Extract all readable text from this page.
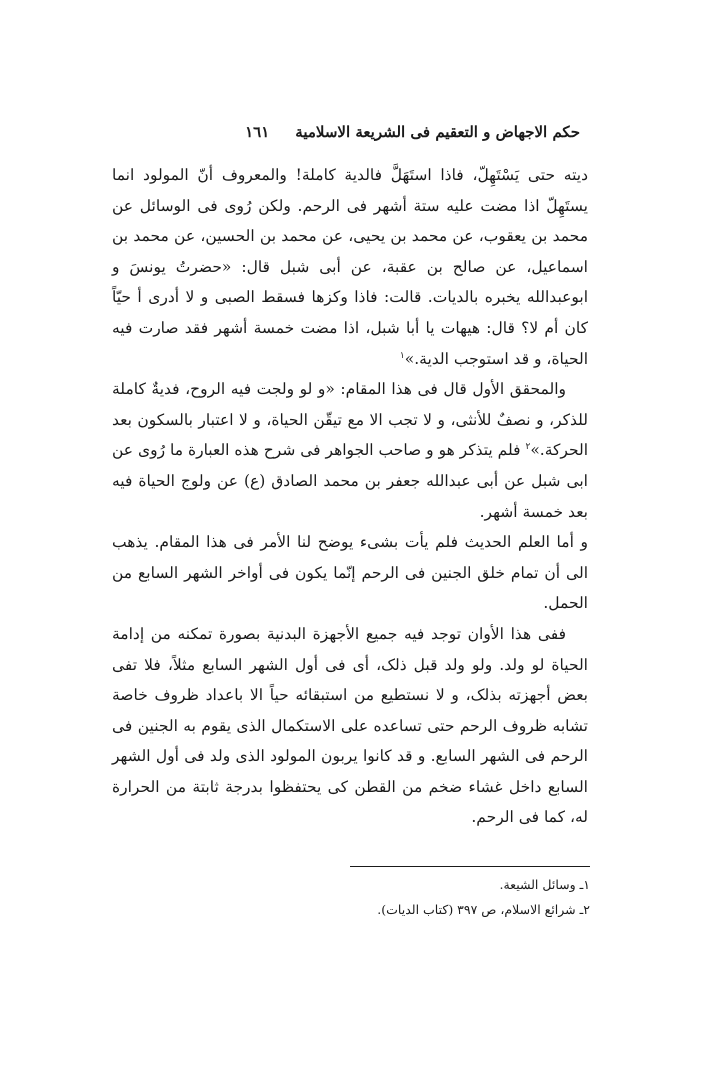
حکم الاجهاض و التعقیم فی الشریعة الاسلامیة
١٦١

دیته حتی یَسْتَهِلّ، فاذا استَهَلَّ فالدیة کاملة! والمعروف أنّ المولود انما یستَهِلّ اذا مضت علیه ستة أشهر فی الرحم. ولکن رُوی فی الوسائل عن محمد بن یعقوب، عن محمد بن یحیی، عن محمد بن الحسین، عن محمد بن اسماعیل، عن صالح بن عقبة، عن أبی شبل قال: «حضرتُ یونسَ و ابوعبدالله یخبره بالدیات. قالت: فاذا وکزها فسقط الصبی و لا أدری أ حیّاً کان أم لا؟ قال: هیهات یا أبا شبل، اذا مضت خمسة أشهر فقد صارت فیه الحیاة، و قد استوجب الدیة.»$^١$

والمحقق الأول قال فی هذا المقام: «و لو ولجت فیه الروح، فدیةٌ کاملة للذکر، و نصفٌ للأنثی، و لا تجب الا مع تیقّن الحیاة، و لا اعتبار بالسکون بعد الحرکة.»$^٢$ فلم یتذکر هو و صاحب الجواهر فی شرح هذه العبارة ما رُوی عن ابی شبل عن أبی عبدالله جعفر بن محمد الصادق (ع) عن ولوج الحیاة فیه بعد خمسة أشهر.

و أما العلم الحدیث فلم یأت بشیء یوضح لنا الأمر فی هذا المقام. یذهب الی أن تمام خلق الجنین فی الرحم إنّما یکون فی أواخر الشهر السابع من الحمل.

ففی هذا الأوان توجد فیه جمیع الأجهزة البدنیة بصورة تمکنه من إدامة الحیاة لو ولد. ولو ولد قبل ذلک، أی فی أول الشهر السابع مثلاً، فلا تفی بعض أجهزته بذلک، و لا نستطیع من استبقائه حیاً الا باعداد ظروف خاصة تشابه ظروف الرحم حتی تساعده علی الاستکمال الذی یقوم به الجنین فی الرحم فی الشهر السابع. و قد کانوا یربون المولود الذی ولد فی أول الشهر السابع داخل غشاء ضخم من القطن کی یحتفظوا بدرجة ثابتة من الحرارة له، کما فی الرحم.

١ـ وسائل الشیعة.
٢ـ شرائع الاسلام، ص ٣٩٧ (کتاب الدیات).
